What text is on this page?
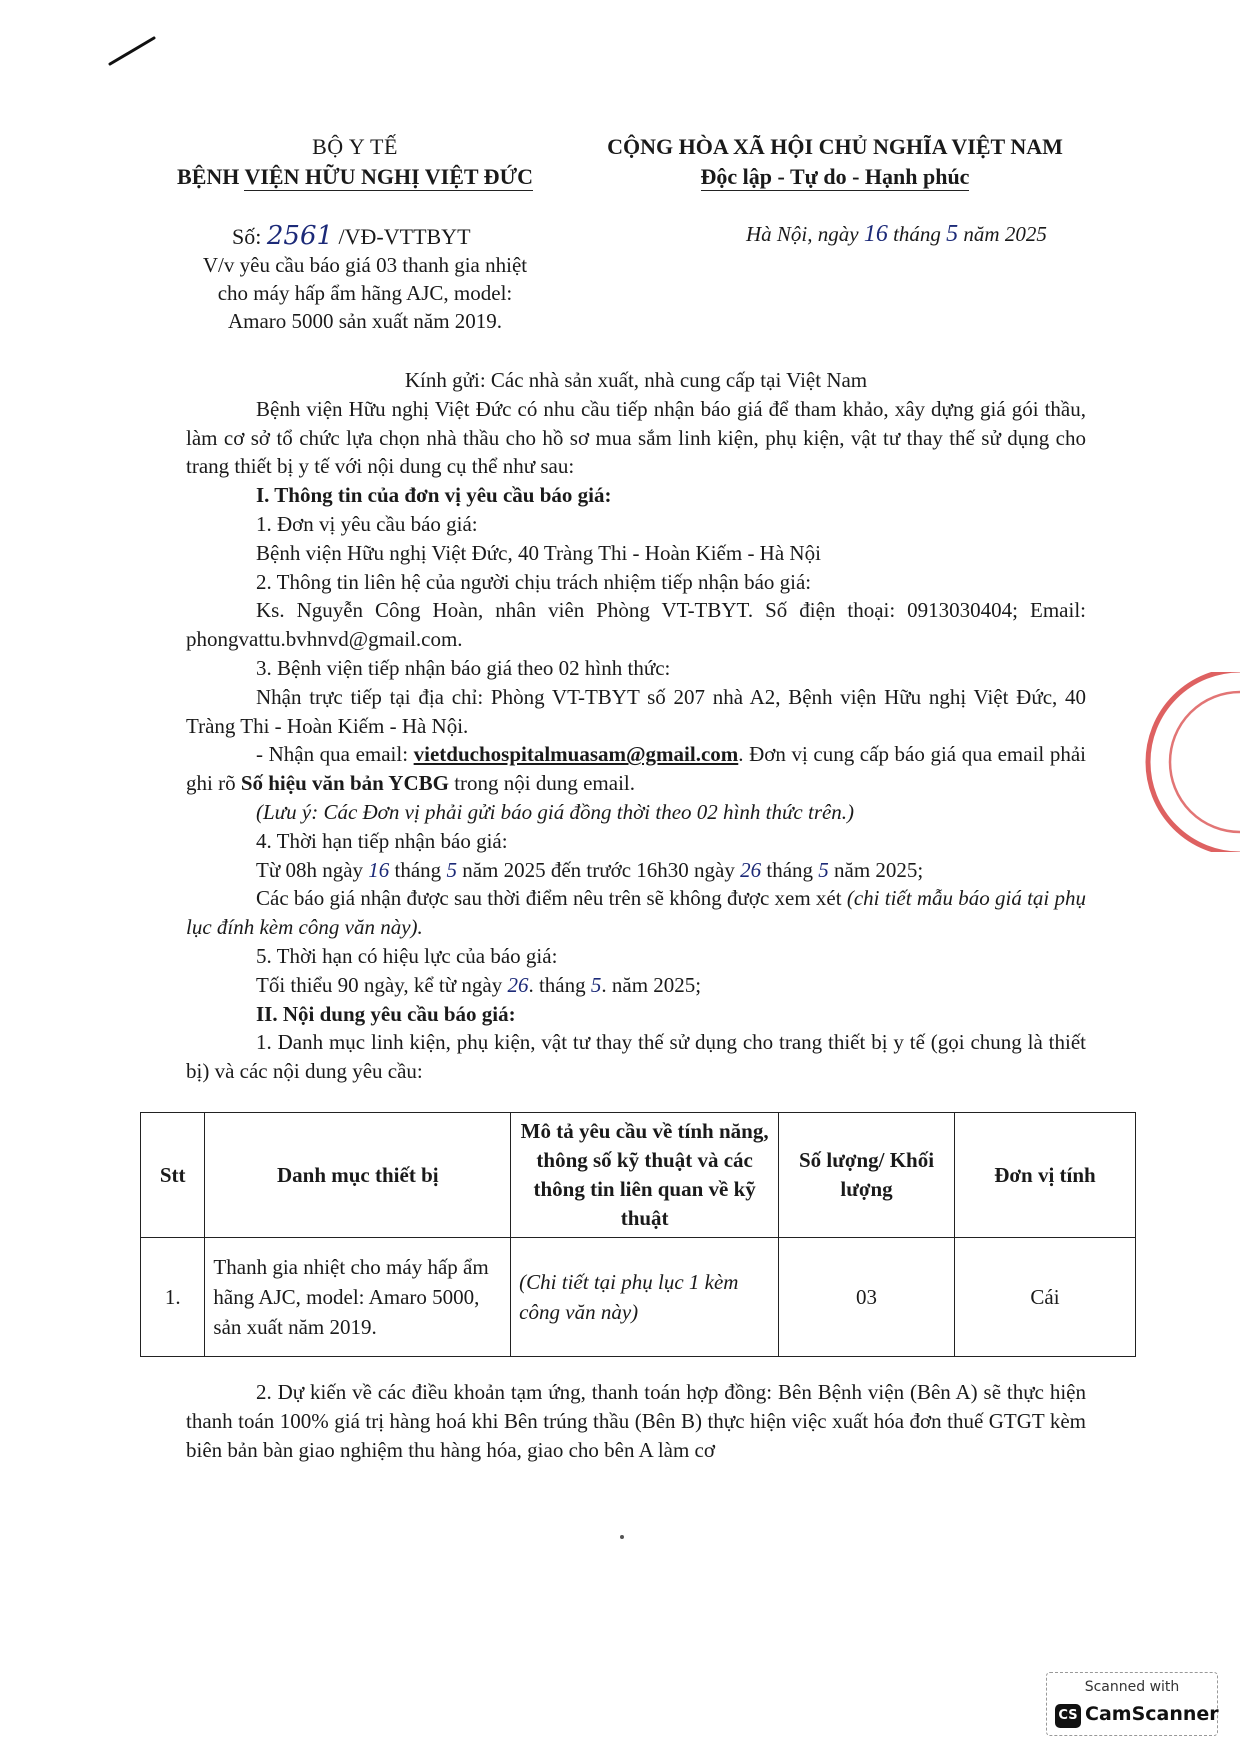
BỘ Y TẾ
BỆNH VIỆN HỮU NGHỊ VIỆT ĐỨC
CỘNG HÒA XÃ HỘI CHỦ NGHĨA VIỆT NAM
Độc lập - Tự do - Hạnh phúc
Số: 2561 /VĐ-VTTBYT	Hà Nội, ngày 16 tháng 5 năm 2025
V/v yêu cầu báo giá 03 thanh gia nhiệt
cho máy hấp ẩm hãng AJC, model:
Amaro 5000 sản xuất năm 2019.

Kính gửi: Các nhà sản xuất, nhà cung cấp tại Việt Nam

Bệnh viện Hữu nghị Việt Đức có nhu cầu tiếp nhận báo giá để tham khảo, xây dựng giá gói thầu, làm cơ sở tổ chức lựa chọn nhà thầu cho hồ sơ mua sắm linh kiện, phụ kiện, vật tư thay thế sử dụng cho trang thiết bị y tế với nội dung cụ thể như sau:

I. Thông tin của đơn vị yêu cầu báo giá:

1. Đơn vị yêu cầu báo giá:

Bệnh viện Hữu nghị Việt Đức, 40 Tràng Thi - Hoàn Kiếm - Hà Nội

2. Thông tin liên hệ của người chịu trách nhiệm tiếp nhận báo giá:

Ks. Nguyễn Công Hoàn, nhân viên Phòng VT-TBYT. Số điện thoại: 0913030404; Email: phongvattu.bvhnvd@gmail.com.

3. Bệnh viện tiếp nhận báo giá theo 02 hình thức:

Nhận trực tiếp tại địa chỉ: Phòng VT-TBYT số 207 nhà A2, Bệnh viện Hữu nghị Việt Đức, 40 Tràng Thi - Hoàn Kiếm - Hà Nội.

- Nhận qua email: vietduchospitalmuasam@gmail.com. Đơn vị cung cấp báo giá qua email phải ghi rõ Số hiệu văn bản YCBG trong nội dung email.

(Lưu ý: Các Đơn vị phải gửi báo giá đồng thời theo 02 hình thức trên.)

4. Thời hạn tiếp nhận báo giá:

Từ 08h ngày 16 tháng 5 năm 2025 đến trước 16h30 ngày 26 tháng 5 năm 2025;

Các báo giá nhận được sau thời điểm nêu trên sẽ không được xem xét (chi tiết mẫu báo giá tại phụ lục đính kèm công văn này).

5. Thời hạn có hiệu lực của báo giá:

Tối thiểu 90 ngày, kể từ ngày 26. tháng 5. năm 2025;

II. Nội dung yêu cầu báo giá:

1. Danh mục linh kiện, phụ kiện, vật tư thay thế sử dụng cho trang thiết bị y tế (gọi chung là thiết bị) và các nội dung yêu cầu:

Stt	Danh mục thiết bị	Mô tả yêu cầu về tính năng, thông số kỹ thuật và các thông tin liên quan về kỹ thuật	Số lượng/ Khối lượng	Đơn vị tính
1.	Thanh gia nhiệt cho máy hấp ẩm hãng AJC, model: Amaro 5000, sản xuất năm 2019.	(Chi tiết tại phụ lục 1 kèm công văn này)	03	Cái

2. Dự kiến về các điều khoản tạm ứng, thanh toán hợp đồng: Bên Bệnh viện (Bên A) sẽ thực hiện thanh toán 100% giá trị hàng hoá khi Bên trúng thầu (Bên B) thực hiện việc xuất hóa đơn thuế GTGT kèm biên bản bàn giao nghiệm thu hàng hóa, giao cho bên A làm cơ

Scanned with
CS CamScanner
